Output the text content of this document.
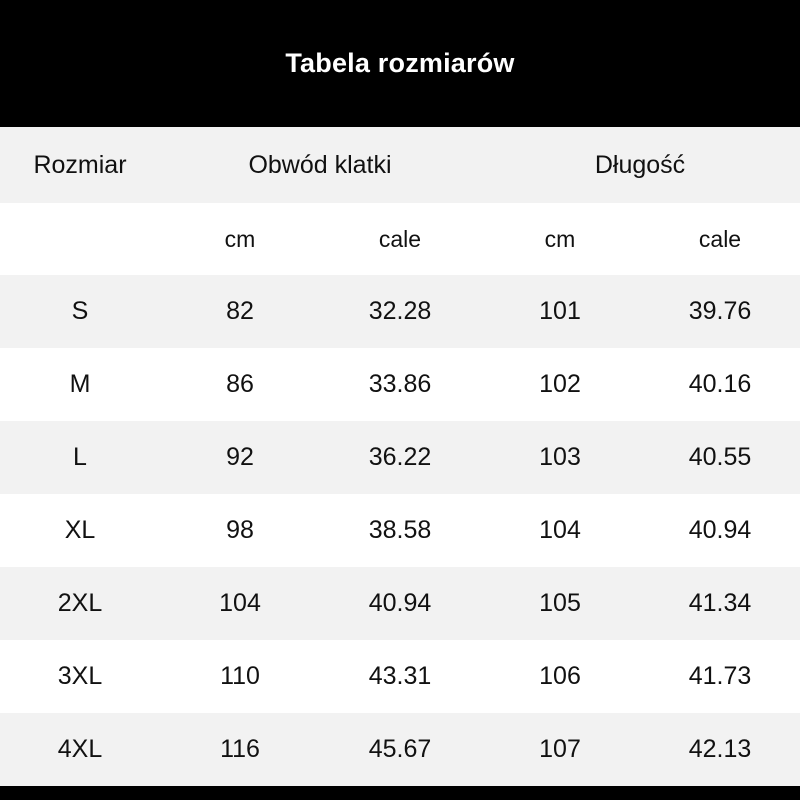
Tabela rozmiarów
Rozmiar	Obwód klatki		Długość	
	cm	cale	cm	cale
S	82	32.28	101	39.76
M	86	33.86	102	40.16
L	92	36.22	103	40.55
XL	98	38.58	104	40.94
2XL	104	40.94	105	41.34
3XL	110	43.31	106	41.73
4XL	116	45.67	107	42.13
